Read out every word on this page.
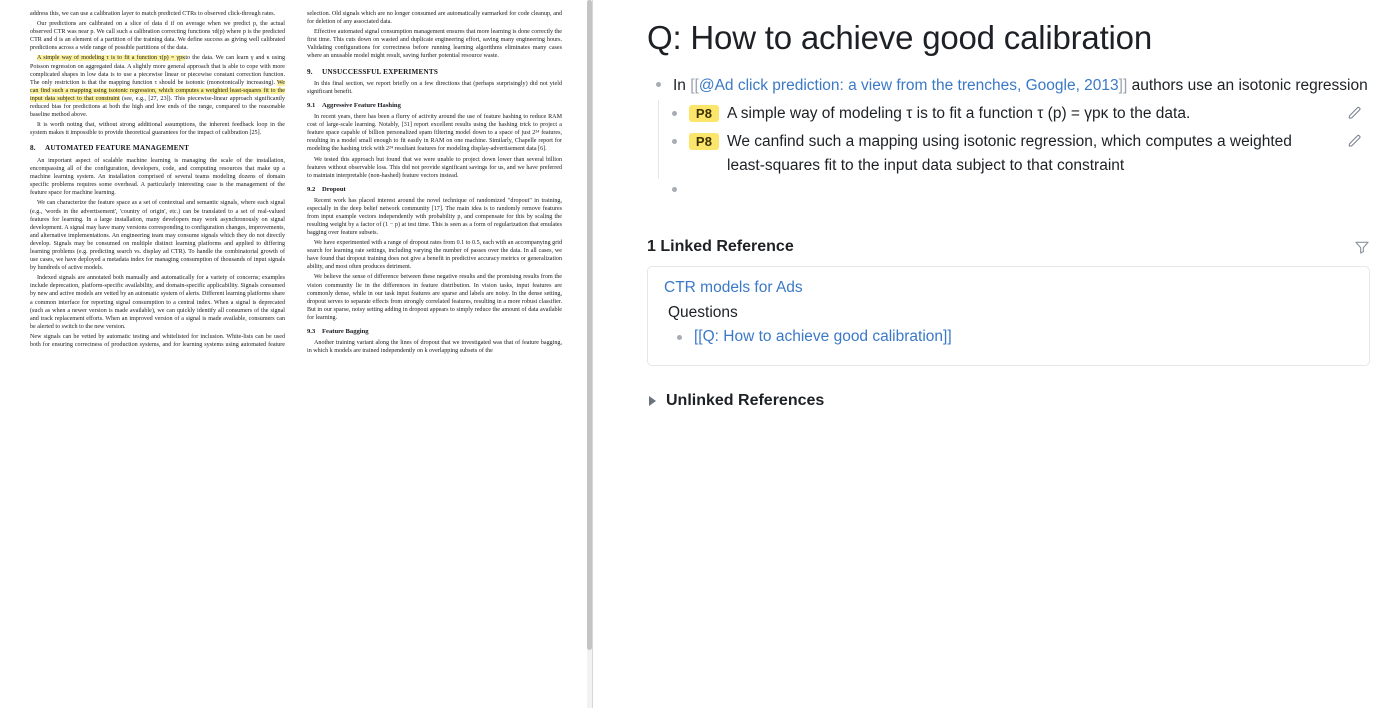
address this, we can use a calibration layer to match predicted CTRs to observed click-through rates.

Our predictions are calibrated on a slice of data d if on average when we predict p, the actual observed CTR was near p. We call such a calibration correcting functions τd(p) where p is the predicted CTR and d is an element of a partition of the training data. We define success as giving well calibrated predictions across a wide range of possible partitions of the data.

A simple way of modeling τ is to fit a function τ(p) = γpκto the data. We can learn γ and κ using Poisson regression on aggregated data. A slightly more general approach that is able to cope with more complicated shapes in low data is to use a piecewise linear or piecewise constant correction function. The only restriction is that the mapping function τ should be isotonic (monotonically increasing). We can find such a mapping using isotonic regression, which computes a weighted least-squares fit to the input data subject to that constraint (see, e.g., [27, 23]). This piecewise-linear approach significantly reduced bias for predictions at both the high and low ends of the range, compared to the reasonable baseline method above.

It is worth noting that, without strong additional assumptions, the inherent feedback loop in the system makes it impossible to provide theoretical guarantees for the impact of calibration [25].

8. AUTOMATED FEATURE MANAGEMENT

An important aspect of scalable machine learning is managing the scale of the installation, encompassing all of the configuration, developers, code, and computing resources that make up a machine learning system. An installation comprised of several teams modeling dozens of domain specific problems requires some overhead. A particularly interesting case is the management of the feature space for machine learning.

We can characterize the feature space as a set of contextual and semantic signals, where each signal (e.g., 'words in the advertisement', 'country of origin', etc.) can be translated to a set of real-valued features for learning. In a large installation, many developers may work asynchronously on signal development. A signal may have many versions corresponding to configuration changes, improvements, and alternative implementations. An engineering team may consume signals which they do not directly develop. Signals may be consumed on multiple distinct learning platforms and applied to differing learning problems (e.g. predicting search vs. display ad CTR). To handle the combinatorial growth of use cases, we have deployed a metadata index for managing consumption of thousands of input signals by hundreds of active models.

Indexed signals are annotated both manually and automatically for a variety of concerns; examples include deprecation, platform-specific availability, and domain-specific applicability. Signals consumed by new and active models are vetted by an automatic system of alerts. Different learning platforms share a common interface for reporting signal consumption to a central index. When a signal is deprecated (such as when a newer version is made available), we can quickly identify all consumers of the signal and track replacement efforts. When an improved version of a signal is made available, consumers can be alerted to switch to the new version.

New signals can be vetted by automatic testing and whitelisted for inclusion. White-lists can be used both for ensuring correctness of production systems, and for learning systems using automated feature selection. Old signals which are no longer consumed are automatically earmarked for code cleanup, and for deletion of any associated data.

Effective automated signal consumption management ensures that more learning is done correctly the first time. This cuts down on wasted and duplicate engineering effort, saving many engineering hours. Validating configurations for correctness before running learning algorithms eliminates many cases where an unusable model might result, saving further potential resource waste.

9. UNSUCCESSFUL EXPERIMENTS

In this final section, we report briefly on a few directions that (perhaps surprisingly) did not yield significant benefit.

9.1 Aggressive Feature Hashing

In recent years, there has been a flurry of activity around the use of feature hashing to reduce RAM cost of large-scale learning. Notably, [31] report excellent results using the hashing trick to project a feature space capable of billion personalized spam filtering model down to a space of just 2²⁴ features, resulting in a model small enough to fit easily in RAM on one machine. Similarly, Chapelle report for modeling the hashing trick with 2²⁴ resultant features for modeling display-advertisement data [6].

We tested this approach but found that we were unable to project down lower than several billion features without observable loss. This did not provide significant savings for us, and we have preferred to maintain interpretable (non-hashed) feature vectors instead.

9.2 Dropout

Recent work has placed interest around the novel technique of randomized "dropout" in training, especially in the deep belief network community [17]. The main idea is to randomly remove features from input example vectors independently with probability p, and compensate for this by scaling the resulting weight by a factor of (1 − p) at test time. This is seen as a form of regularization that emulates bagging over feature subsets.

We have experimented with a range of dropout rates from 0.1 to 0.5, each with an accompanying grid search for learning rate settings, including varying the number of passes over the data. In all cases, we have found that dropout training does not give a benefit in predictive accuracy metrics or generalization ability, and most often produces detriment.

We believe the sense of difference between these negative results and the promising results from the vision community lie in the differences in feature distribution. In vision tasks, input features are commonly dense, while in our task input features are sparse and labels are noisy. In the dense setting, dropout serves to separate effects from strongly correlated features, resulting in a more robust classifier. But in our sparse, noisy setting adding in dropout appears to simply reduce the amount of data available for learning.

9.3 Feature Bagging

Another training variant along the lines of dropout that we investigated was that of feature bagging, in which k models are trained independently on k overlapping subsets of the

Q: How to achieve good calibration
In [[@Ad click prediction: a view from the trenches, Google, 2013]] authors use an isotonic regression
P8 A simple way of modeling τ is to fit a function τ (p) = γpκ to the data.
P8 We canfind such a mapping using isotonic regression, which computes a weighted least-squares fit to the input data subject to that constraint
1 Linked Reference
CTR models for Ads
Questions
[[Q: How to achieve good calibration]]
Unlinked References
